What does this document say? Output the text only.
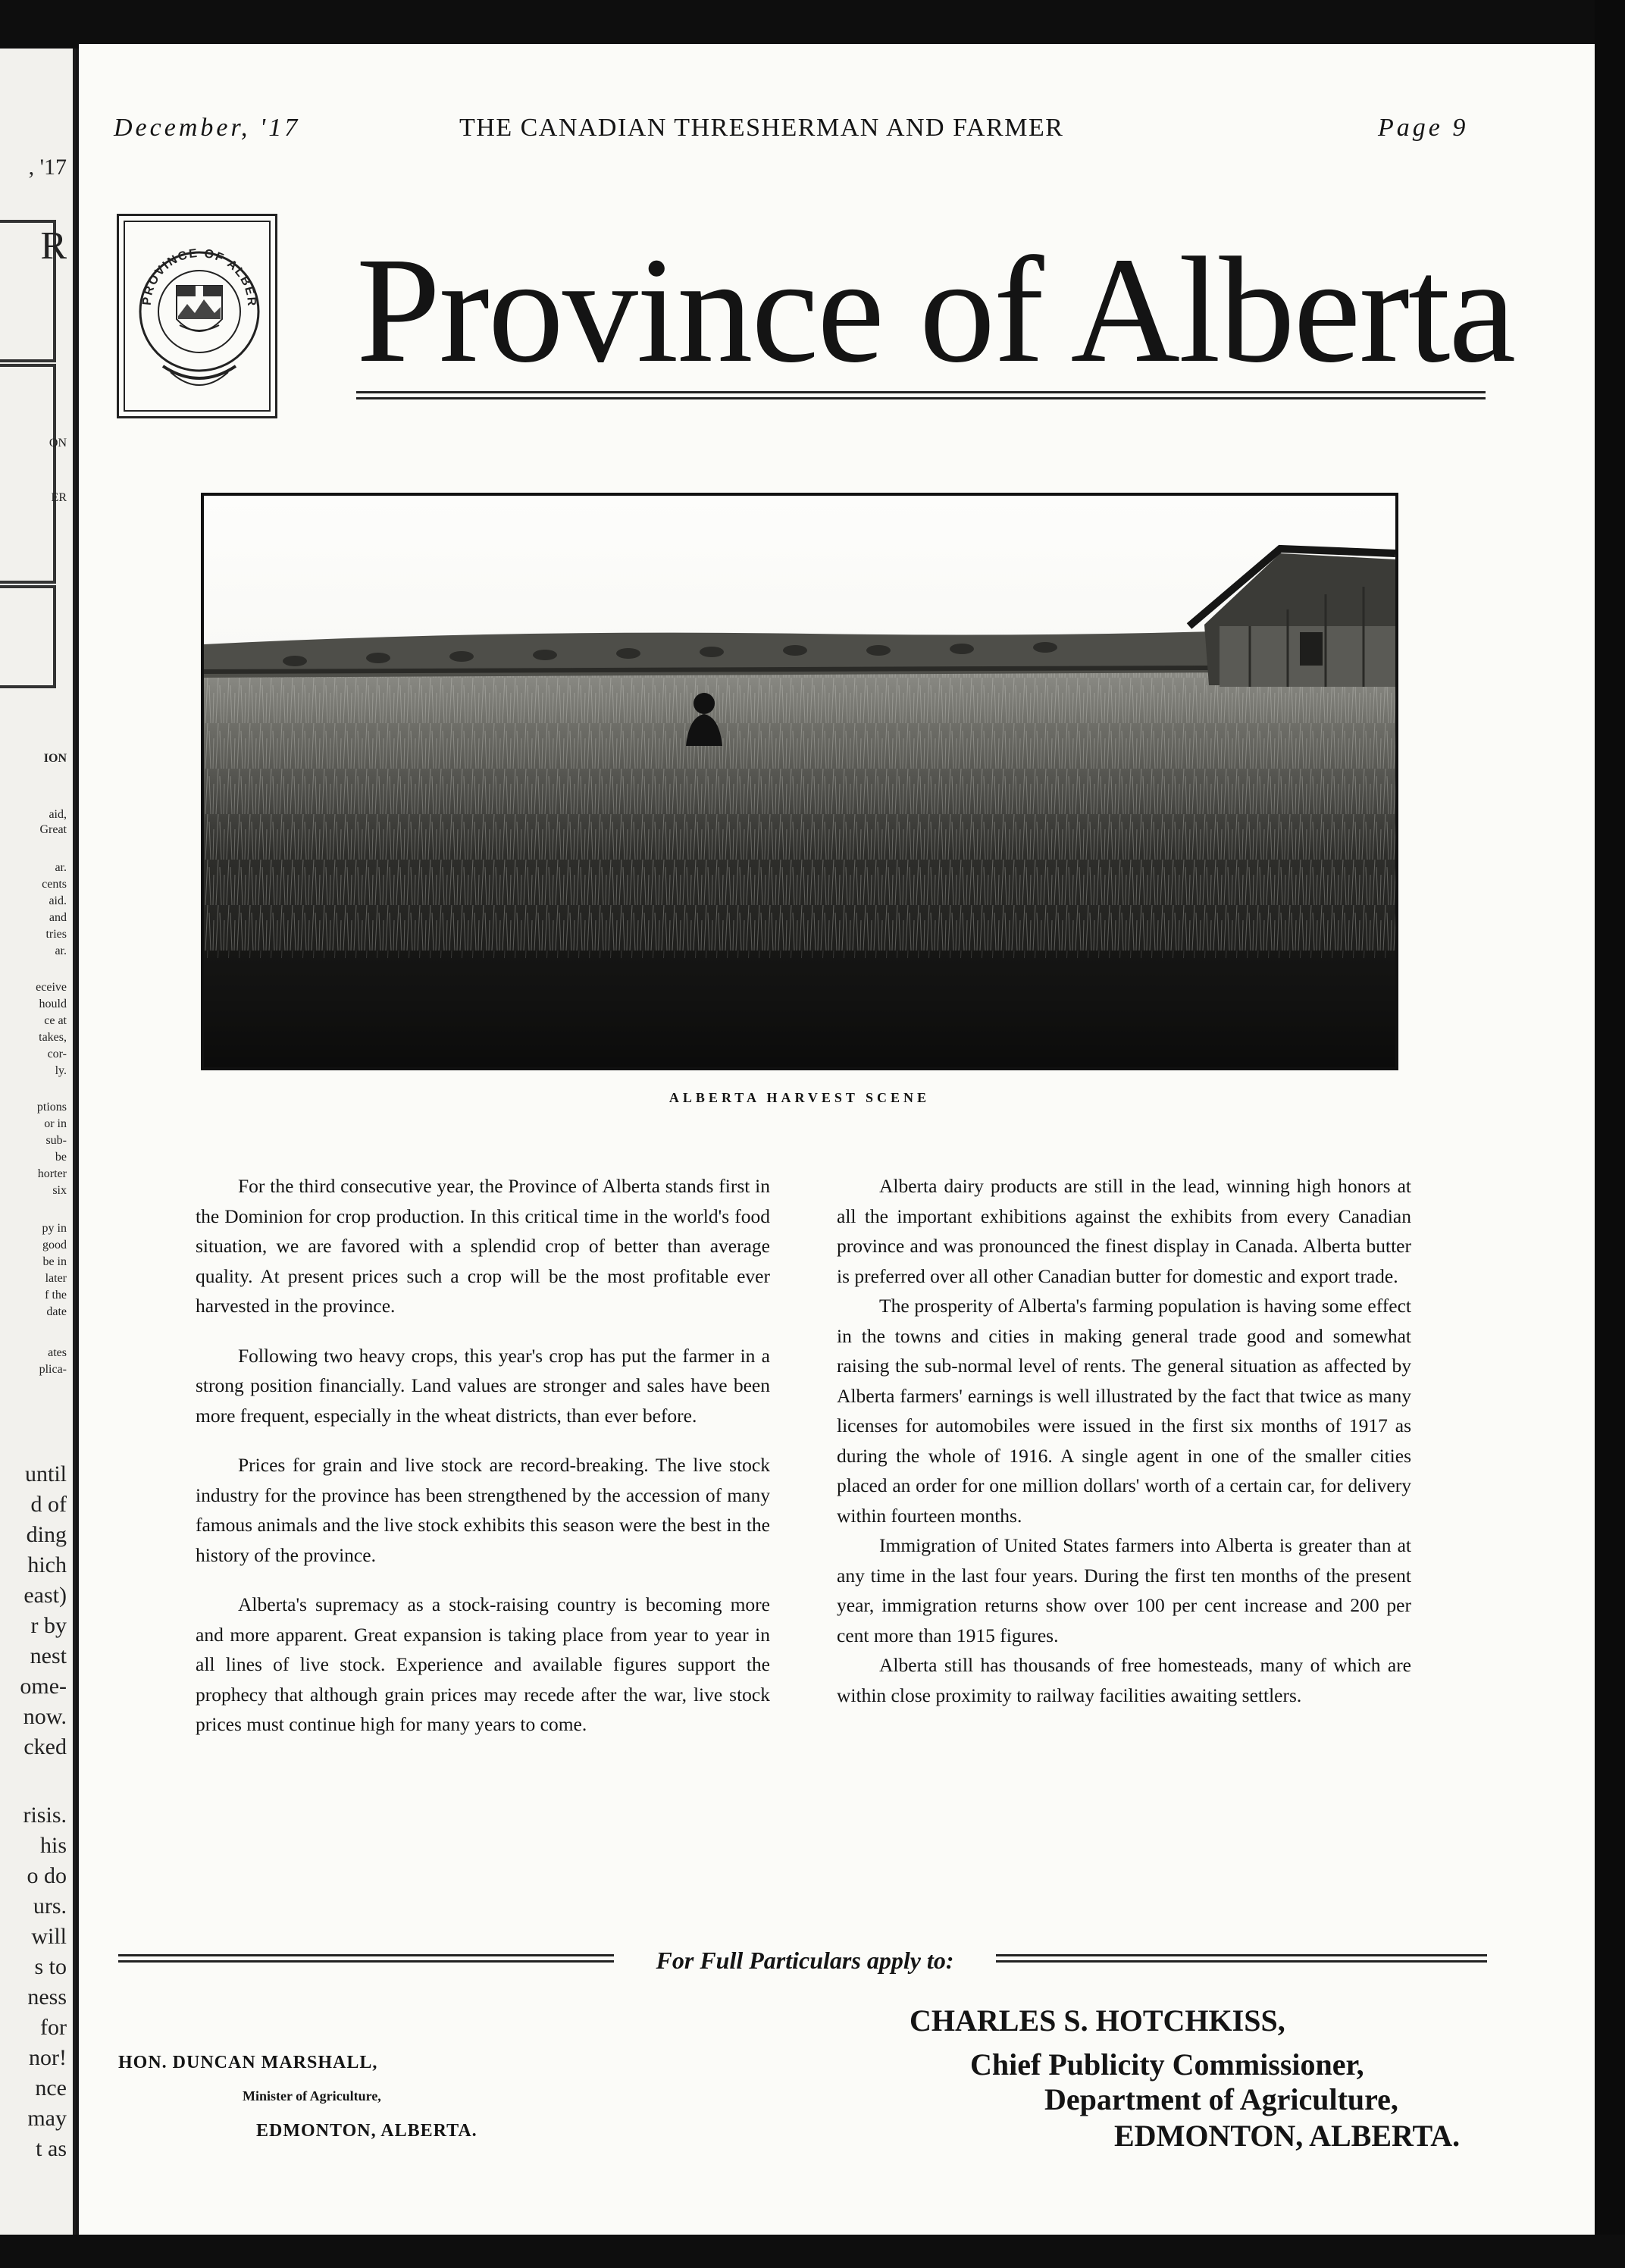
, '17
R
ON
ER
ION
aid,
Great
ar.
cents
aid.
and
tries
ar.
eceive
hould
ce at
takes,
cor-
ly.
ptions
or in
sub-
be
horter
six
py in
good
be in
later
f the
date
ates
plica-
until
d of
ding
hich
east)
r by
nest
ome-
now.
cked
risis.
his
o do
urs.
will
s to
ness
for
nor!
nce
may
t as
December, '17	THE CANADIAN THRESHERMAN AND FARMER	Page 9
PROVINCE OF ALBER Province of Alberta
ALBERTA HARVEST SCENE

For the third consecutive year, the Province of Alberta stands first in the Dominion for crop production. In this critical time in the world's food situation, we are favored with a splendid crop of better than average quality. At present prices such a crop will be the most profitable ever harvested in the province.

Following two heavy crops, this year's crop has put the farmer in a strong position financially. Land values are stronger and sales have been more frequent, especially in the wheat districts, than ever before.

Prices for grain and live stock are record-breaking. The live stock industry for the province has been strengthened by the accession of many famous animals and the live stock exhibits this season were the best in the history of the province.

Alberta's supremacy as a stock-raising country is becoming more and more apparent. Great expansion is taking place from year to year in all lines of live stock. Experience and available figures support the prophecy that although grain prices may recede after the war, live stock prices must continue high for many years to come.

Alberta dairy products are still in the lead, winning high honors at all the important exhibitions against the exhibits from every Canadian province and was pronounced the finest display in Canada. Alberta butter is preferred over all other Canadian butter for domestic and export trade.

The prosperity of Alberta's farming population is having some effect in the towns and cities in making general trade good and somewhat raising the sub-normal level of rents. The general situation as affected by Alberta farmers' earnings is well illustrated by the fact that twice as many licenses for automobiles were issued in the first six months of 1917 as during the whole of 1916. A single agent in one of the smaller cities placed an order for one million dollars' worth of a certain car, for delivery within fourteen months.

Immigration of United States farmers into Alberta is greater than at any time in the last four years. During the first ten months of the present year, immigration returns show over 100 per cent increase and 200 per cent more than 1915 figures.

Alberta still has thousands of free homesteads, many of which are within close proximity to railway facilities awaiting settlers.

For Full Particulars apply to:
HON. DUNCAN MARSHALL,
Minister of Agriculture,
EDMONTON, ALBERTA.
CHARLES S. HOTCHKISS,
Chief Publicity Commissioner,
Department of Agriculture,
EDMONTON, ALBERTA.
